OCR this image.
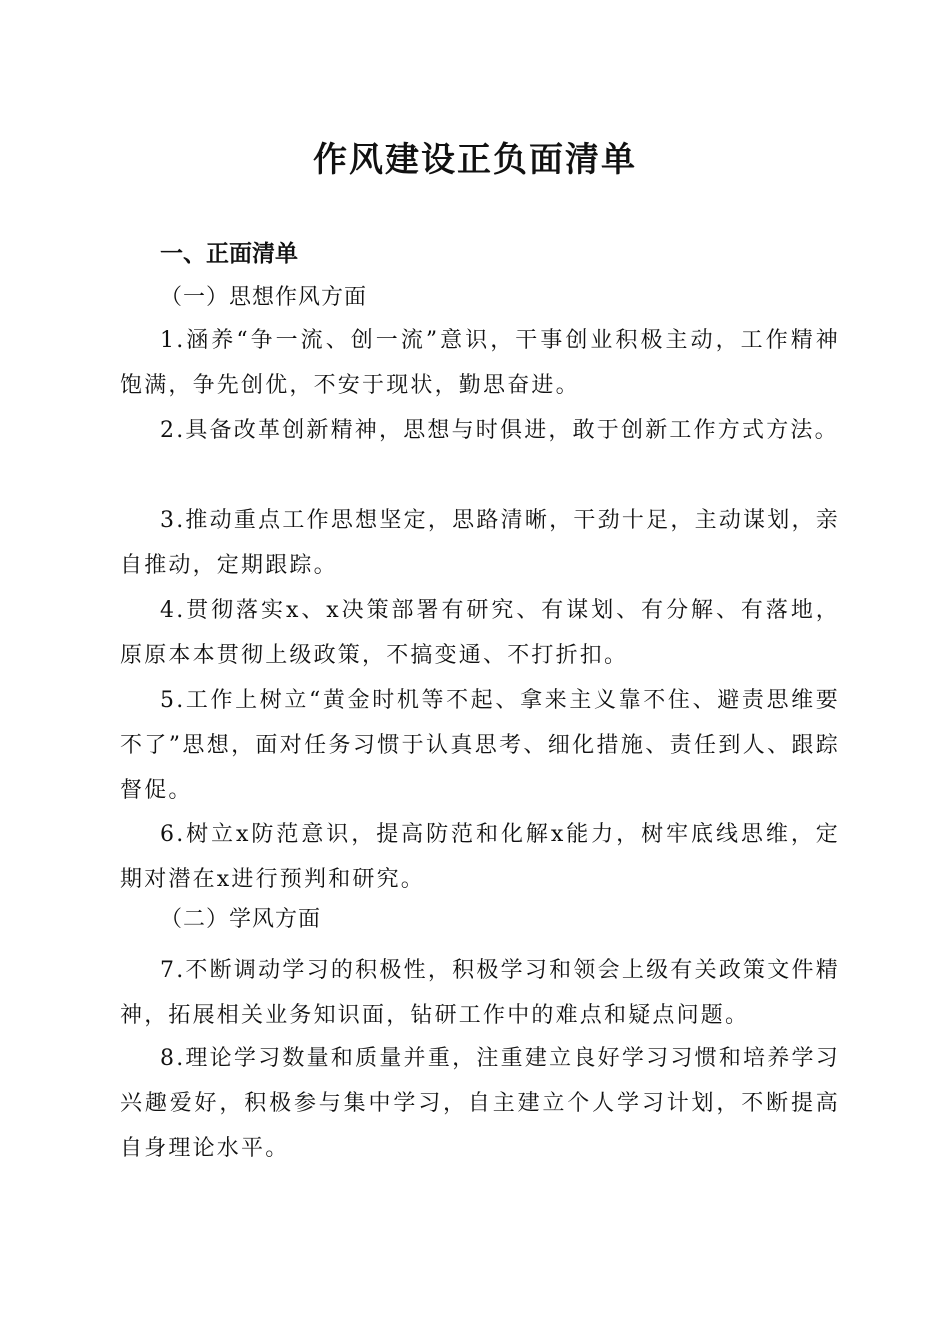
作风建设正负面清单
一、正面清单
（一）思想作风方面

1.涵养“争一流、创一流”意识，干事创业积极主动，工作精神饱满，争先创优，不安于现状，勤思奋进。

2.具备改革创新精神，思想与时俱进，敢于创新工作方式方法。

3.推动重点工作思想坚定，思路清晰，干劲十足，主动谋划，亲自推动，定期跟踪。

4.贯彻落实x、x决策部署有研究、有谋划、有分解、有落地，原原本本贯彻上级政策，不搞变通、不打折扣。

5.工作上树立“黄金时机等不起、拿来主义靠不住、避责思维要不了”思想，面对任务习惯于认真思考、细化措施、责任到人、跟踪督促。

6.树立x防范意识，提高防范和化解x能力，树牢底线思维，定期对潜在x进行预判和研究。

（二）学风方面

7.不断调动学习的积极性，积极学习和领会上级有关政策文件精神，拓展相关业务知识面，钻研工作中的难点和疑点问题。

8.理论学习数量和质量并重，注重建立良好学习习惯和培养学习兴趣爱好，积极参与集中学习，自主建立个人学习计划，不断提高自身理论水平。
